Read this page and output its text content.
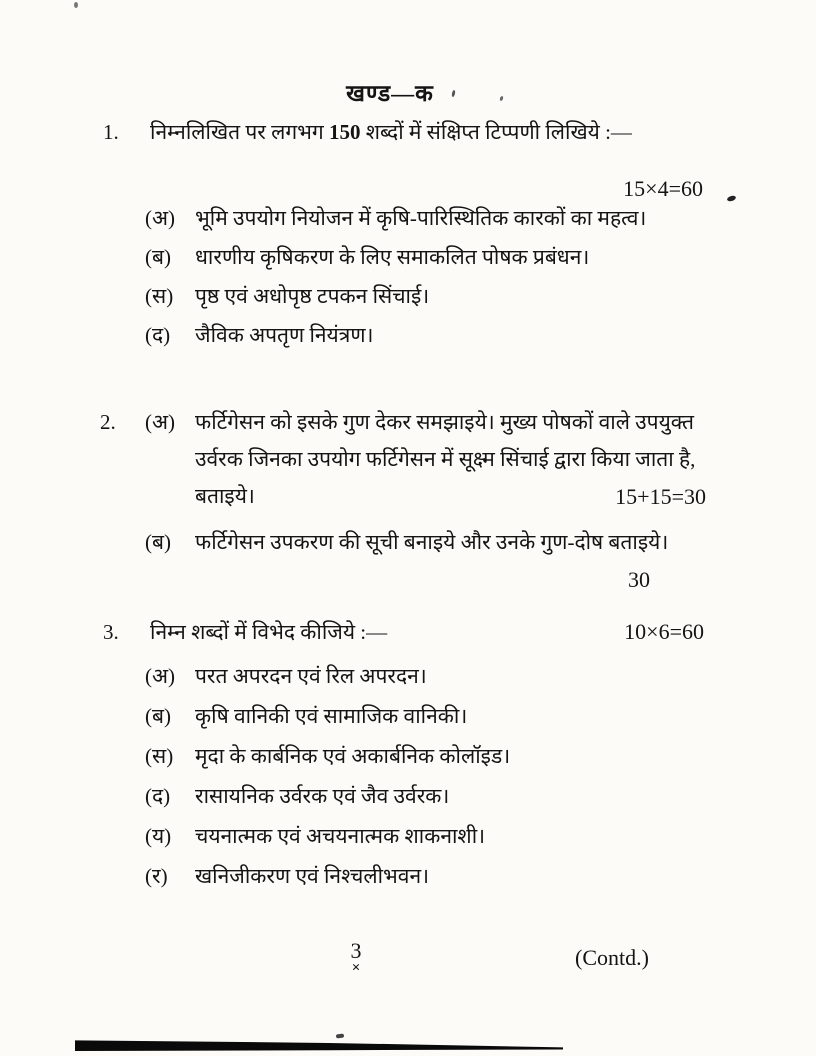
खण्ड—क
1.	निम्नलिखित पर लगभग 150 शब्दों में संक्षिप्त टिप्पणी लिखिये :—
15×4=60
(अ) भूमि उपयोग नियोजन में कृषि-पारिस्थितिक कारकों का महत्व।
(ब)	धारणीय कृषिकरण के लिए समाकलित पोषक प्रबंधन।
(स)	पृष्ठ एवं अधोपृष्ठ टपकन सिंचाई।
(द)	जैविक अपतृण नियंत्रण।
2.	(अ) फर्टिगेसन को इसके गुण देकर समझाइये। मुख्य पोषकों वाले उपयुक्त उर्वरक जिनका उपयोग फर्टिगेसन में सूक्ष्म सिंचाई द्वारा किया जाता है, बताइये।	15+15=30
(ब)	फर्टिगेसन उपकरण की सूची बनाइये और उनके गुण-दोष बताइये।
30
3.	निम्न शब्दों में विभेद कीजिये :—	10×6=60
(अ) परत अपरदन एवं रिल अपरदन।
(ब)	कृषि वानिकी एवं सामाजिक वानिकी।
(स)	मृदा के कार्बनिक एवं अकार्बनिक कोलॉइड।
(द)	रासायनिक उर्वरक एवं जैव उर्वरक।
(य)	चयनात्मक एवं अचयनात्मक शाकनाशी।
(र)	खनिजीकरण एवं निश्चलीभवन।
3
×	(Contd.)
